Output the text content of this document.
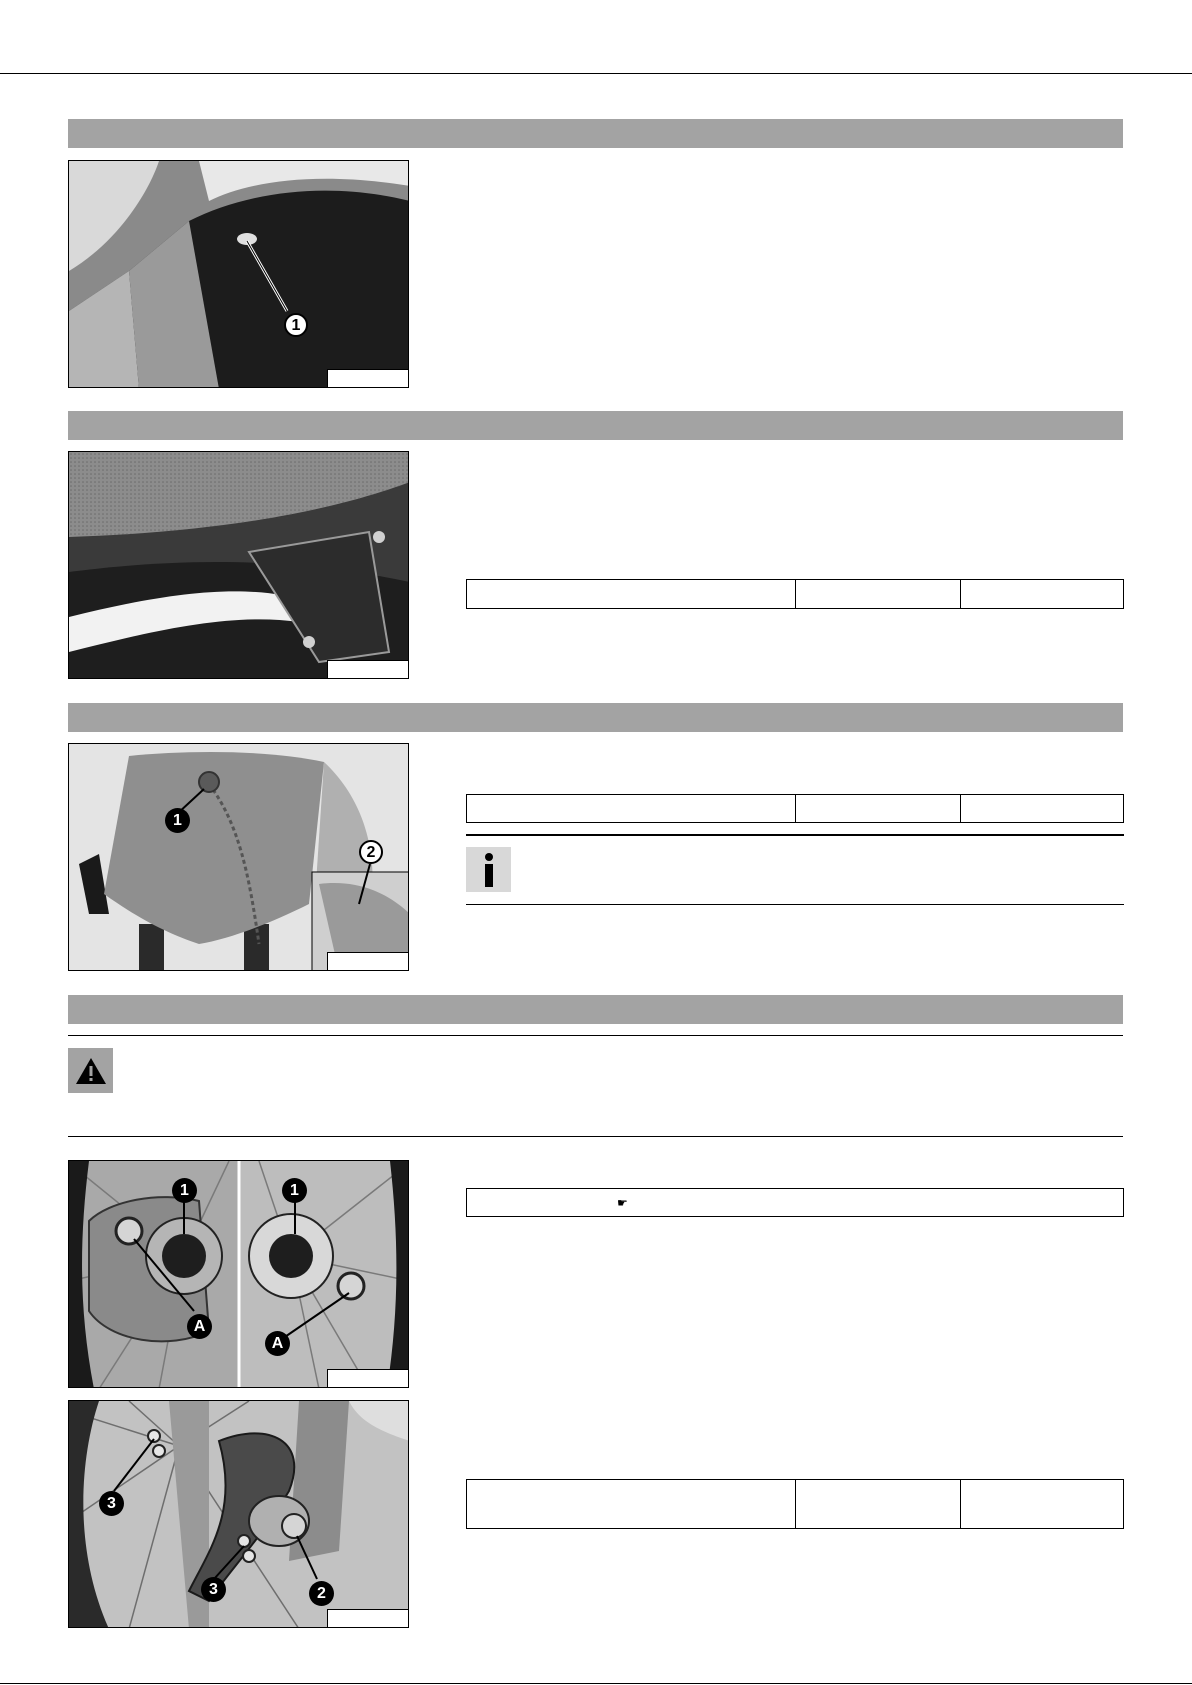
1

1
2

1	1
A
A
☛
3
3	2
